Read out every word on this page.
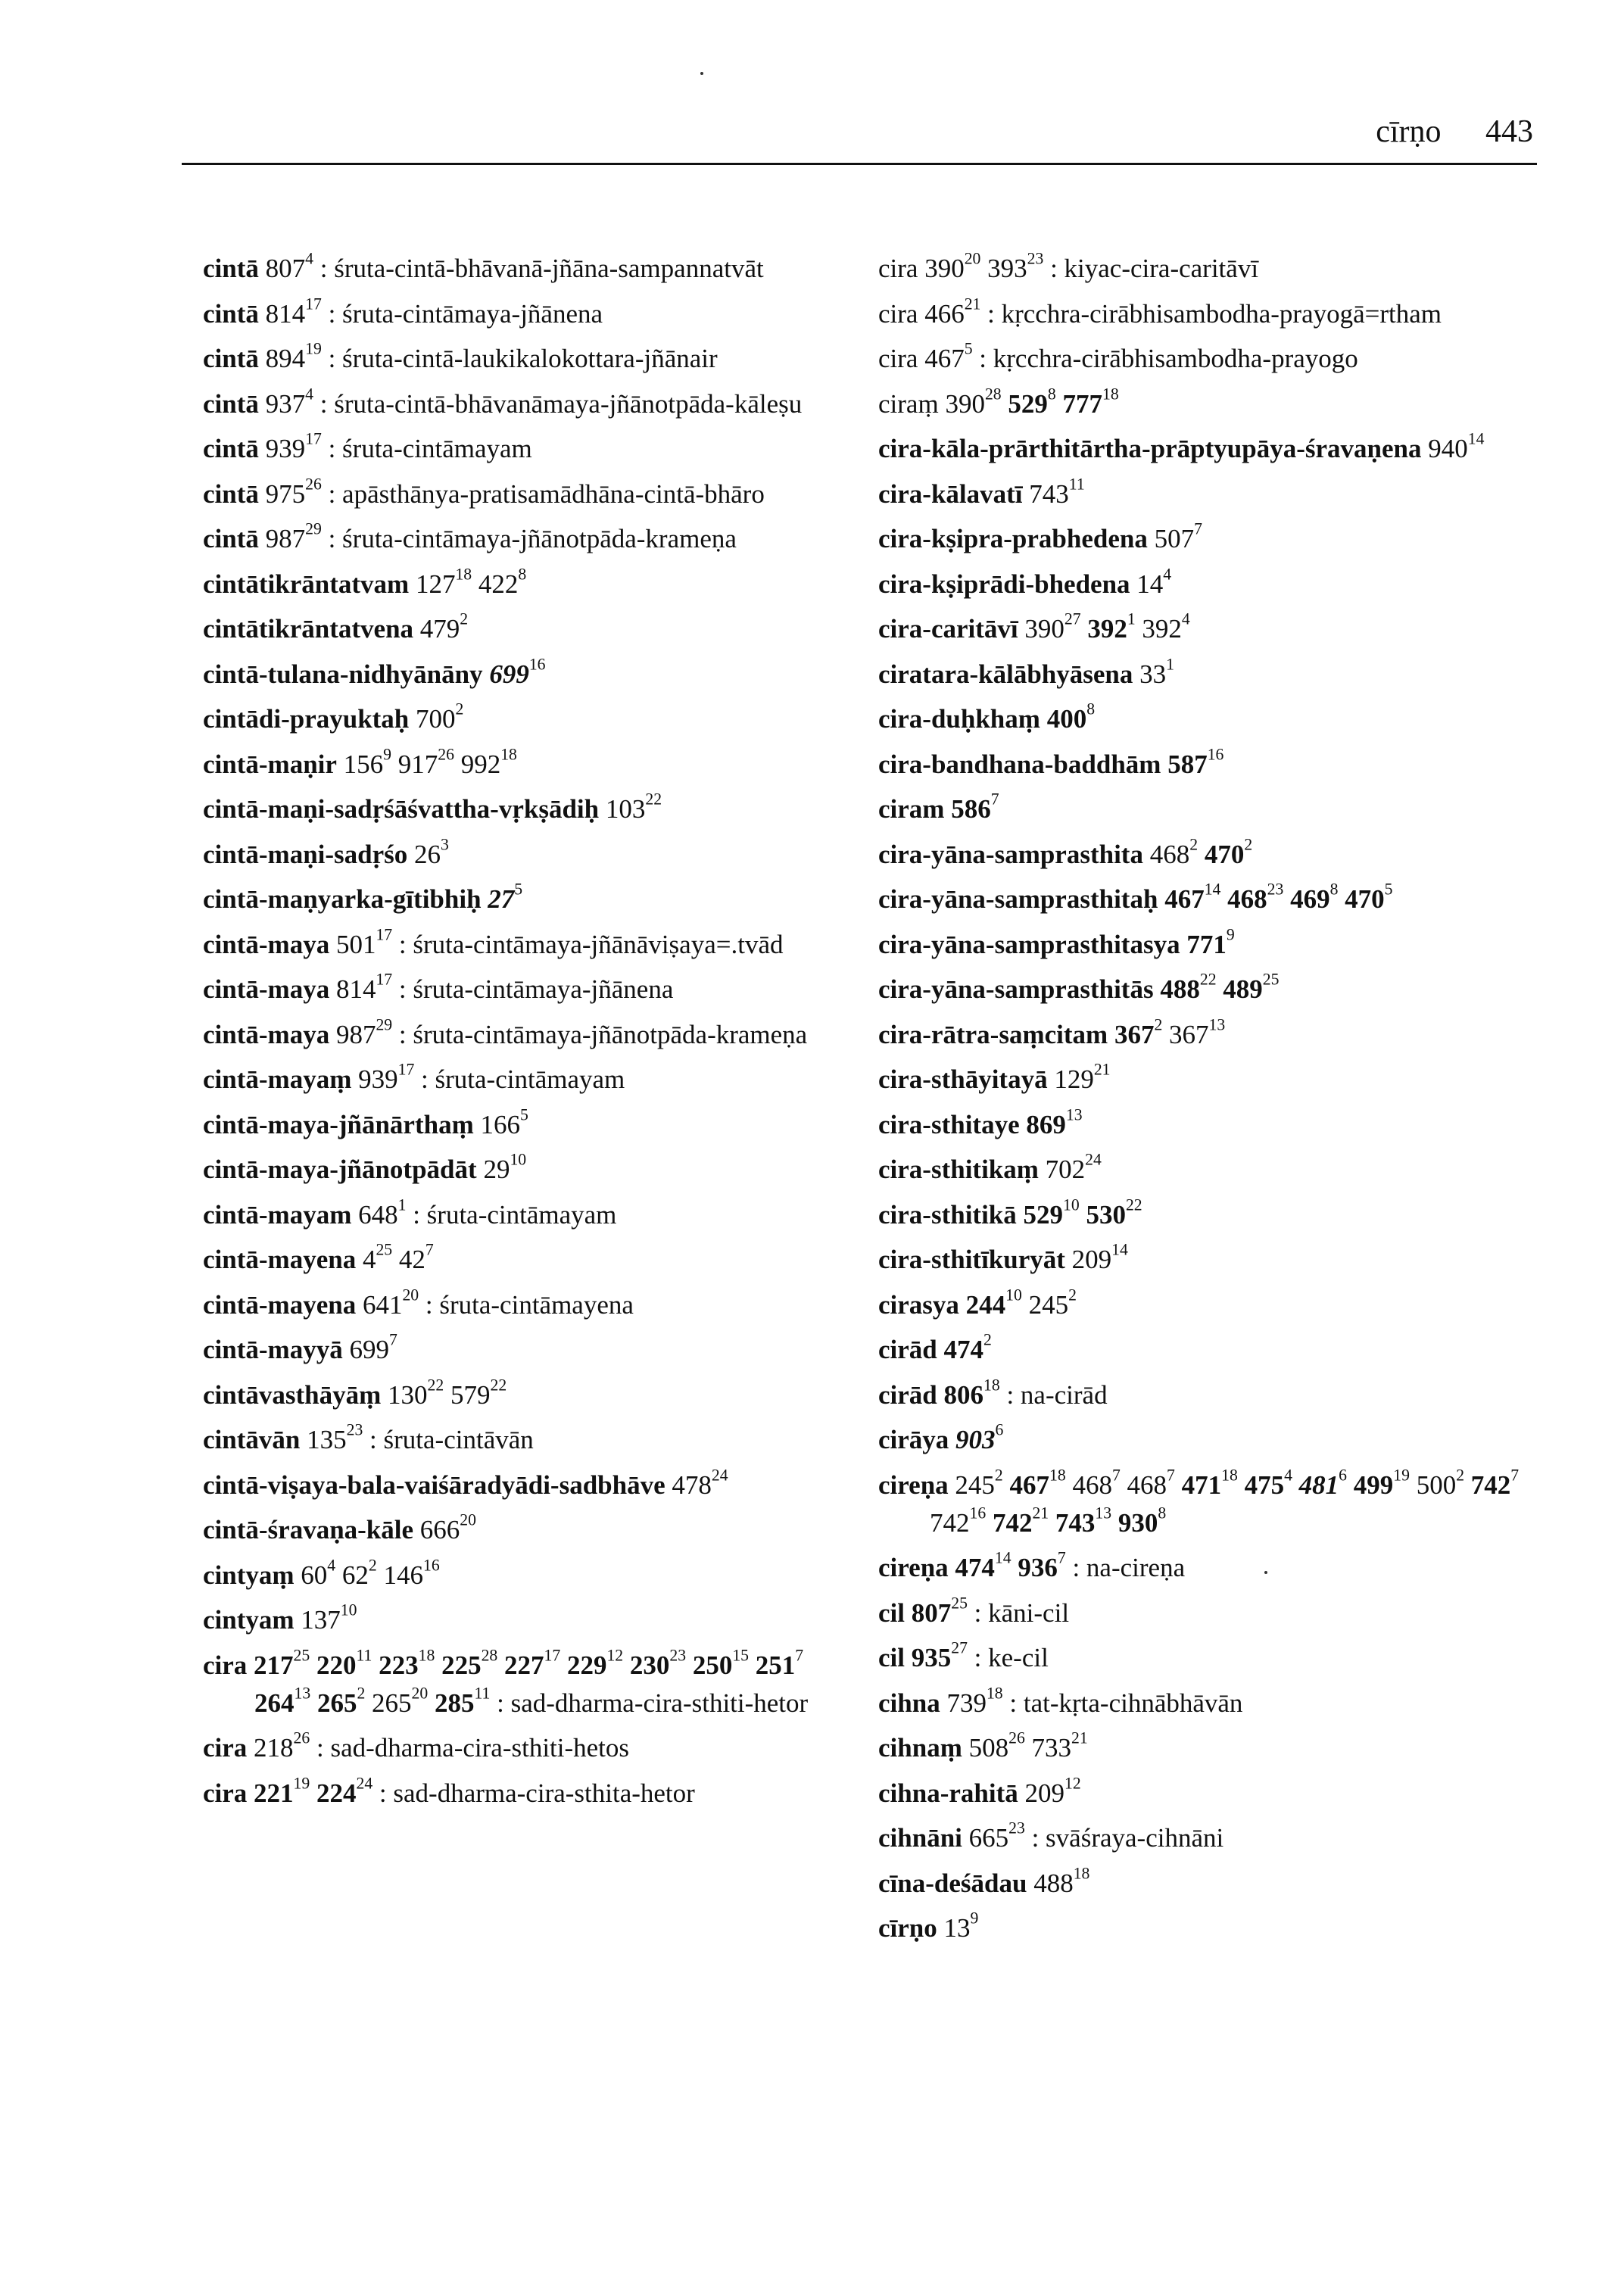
cīrṇo 443
cintā $807^4$ : śruta-cintā-bhāvanā-jñāna-sampannatvāt
cintā $814^{17}$ : śruta-cintāmaya-jñānena
cintā $894^{19}$ : śruta-cintā-laukikalokottara-jñānair
cintā $937^4$ : śruta-cintā-bhāvanāmaya-jñānotpāda-kāleṣu
cintā $939^{17}$ : śruta-cintāmayam
cintā $975^{26}$ : apāsthānya-pratisamādhāna-cintā-bhāro
cintā $987^{29}$ : śruta-cintāmaya-jñānotpāda-krameṇa
cintātikrāntatvam $127^{18}$ $422^8$
cintātikrāntatvena $479^2$
cintā-tulana-nidhyānāny $699^{16}$
cintādi-prayuktaḥ $700^2$
cintā-maṇir $156^9$ $917^{26}$ $992^{18}$
cintā-maṇi-sadṛśāśvattha-vṛkṣādiḥ $103^{22}$
cintā-maṇi-sadṛśo $26^3$
cintā-maṇyarka-gītibhiḥ $27^5$
cintā-maya $501^{17}$ : śruta-cintāmaya-jñānāviṣaya=.tvād
cintā-maya $814^{17}$ : śruta-cintāmaya-jñānena
cintā-maya $987^{29}$ : śruta-cintāmaya-jñānotpāda-krameṇa
cintā-mayaṃ $939^{17}$ : śruta-cintāmayam
cintā-maya-jñānārthaṃ $166^5$
cintā-maya-jñānotpādāt $29^{10}$
cintā-mayam $648^1$ : śruta-cintāmayam
cintā-mayena $4^{25}$ $42^7$
cintā-mayena $641^{20}$ : śruta-cintāmayena
cintā-mayyā $699^7$
cintāvasthāyāṃ $130^{22}$ $579^{22}$
cintāvān $135^{23}$ : śruta-cintāvān
cintā-viṣaya-bala-vaiśāradyādi-sadbhāve $478^{24}$
cintā-śravaṇa-kāle $666^{20}$
cintyaṃ $60^4$ $62^2$ $146^{16}$
cintyam $137^{10}$
cira $217^{25}$ $220^{11}$ $223^{18}$ $225^{28}$ $227^{17}$ $229^{12}$ $230^{23}$ $250^{15}$ $251^7$ $264^{13}$ $265^2$ $265^{20}$ $285^{11}$ : sad-dharma-cira-sthiti-hetor
cira $218^{26}$ : sad-dharma-cira-sthiti-hetos
cira $221^{19}$ $224^{24}$ : sad-dharma-cira-sthita-hetor
cira $390^{20}$ $393^{23}$ : kiyac-cira-caritāvī
cira $466^{21}$ : kṛcchra-cirābhisambodha-prayogā=rtham
cira $467^5$ : kṛcchra-cirābhisambodha-prayogo
ciraṃ $390^{28}$ $529^8$ $777^{18}$
cira-kāla-prārthitārtha-prāptyupāya-śravaṇena $940^{14}$
cira-kālavatī $743^{11}$
cira-kṣipra-prabhedena $507^7$
cira-kṣiprādi-bhedena $14^4$
cira-caritāvī $390^{27}$ $392^1$ $392^4$
ciratara-kālābhyāsena $33^1$
cira-duḥkhaṃ $400^8$
cira-bandhana-baddhām $587^{16}$
ciram $586^7$
cira-yāna-samprasthita $468^2$ $470^2$
cira-yāna-samprasthitaḥ $467^{14}$ $468^{23}$ $469^8$ $470^5$
cira-yāna-samprasthitasya $771^9$
cira-yāna-samprasthitās $488^{22}$ $489^{25}$
cira-rātra-saṃcitam $367^2$ $367^{13}$
cira-sthāyitayā $129^{21}$
cira-sthitaye $869^{13}$
cira-sthitikaṃ $702^{24}$
cira-sthitikā $529^{10}$ $530^{22}$
cira-sthitīkuryāt $209^{14}$
cirasya $244^{10}$ $245^2$
cirād $474^2$
cirād $806^{18}$ : na-cirād
cirāya $903^6$
cireṇa $245^2$ $467^{18}$ $468^7$ $468^7$ $471^{18}$ $475^4$ $481^6$ $499^{19}$ $500^2$ $742^7$ $742^{16}$ $742^{21}$ $743^{13}$ $930^8$
cireṇa $474^{14}$ $936^7$ : na-cireṇa
cil $807^{25}$ : kāni-cil
cil $935^{27}$ : ke-cil
cihna $739^{18}$ : tat-kṛta-cihnābhāvān
cihnaṃ $508^{26}$ $733^{21}$
cihna-rahitā $209^{12}$
cihnāni $665^{23}$ : svāśraya-cihnāni
cīna-deśādau $488^{18}$
cīrṇo $13^9$
